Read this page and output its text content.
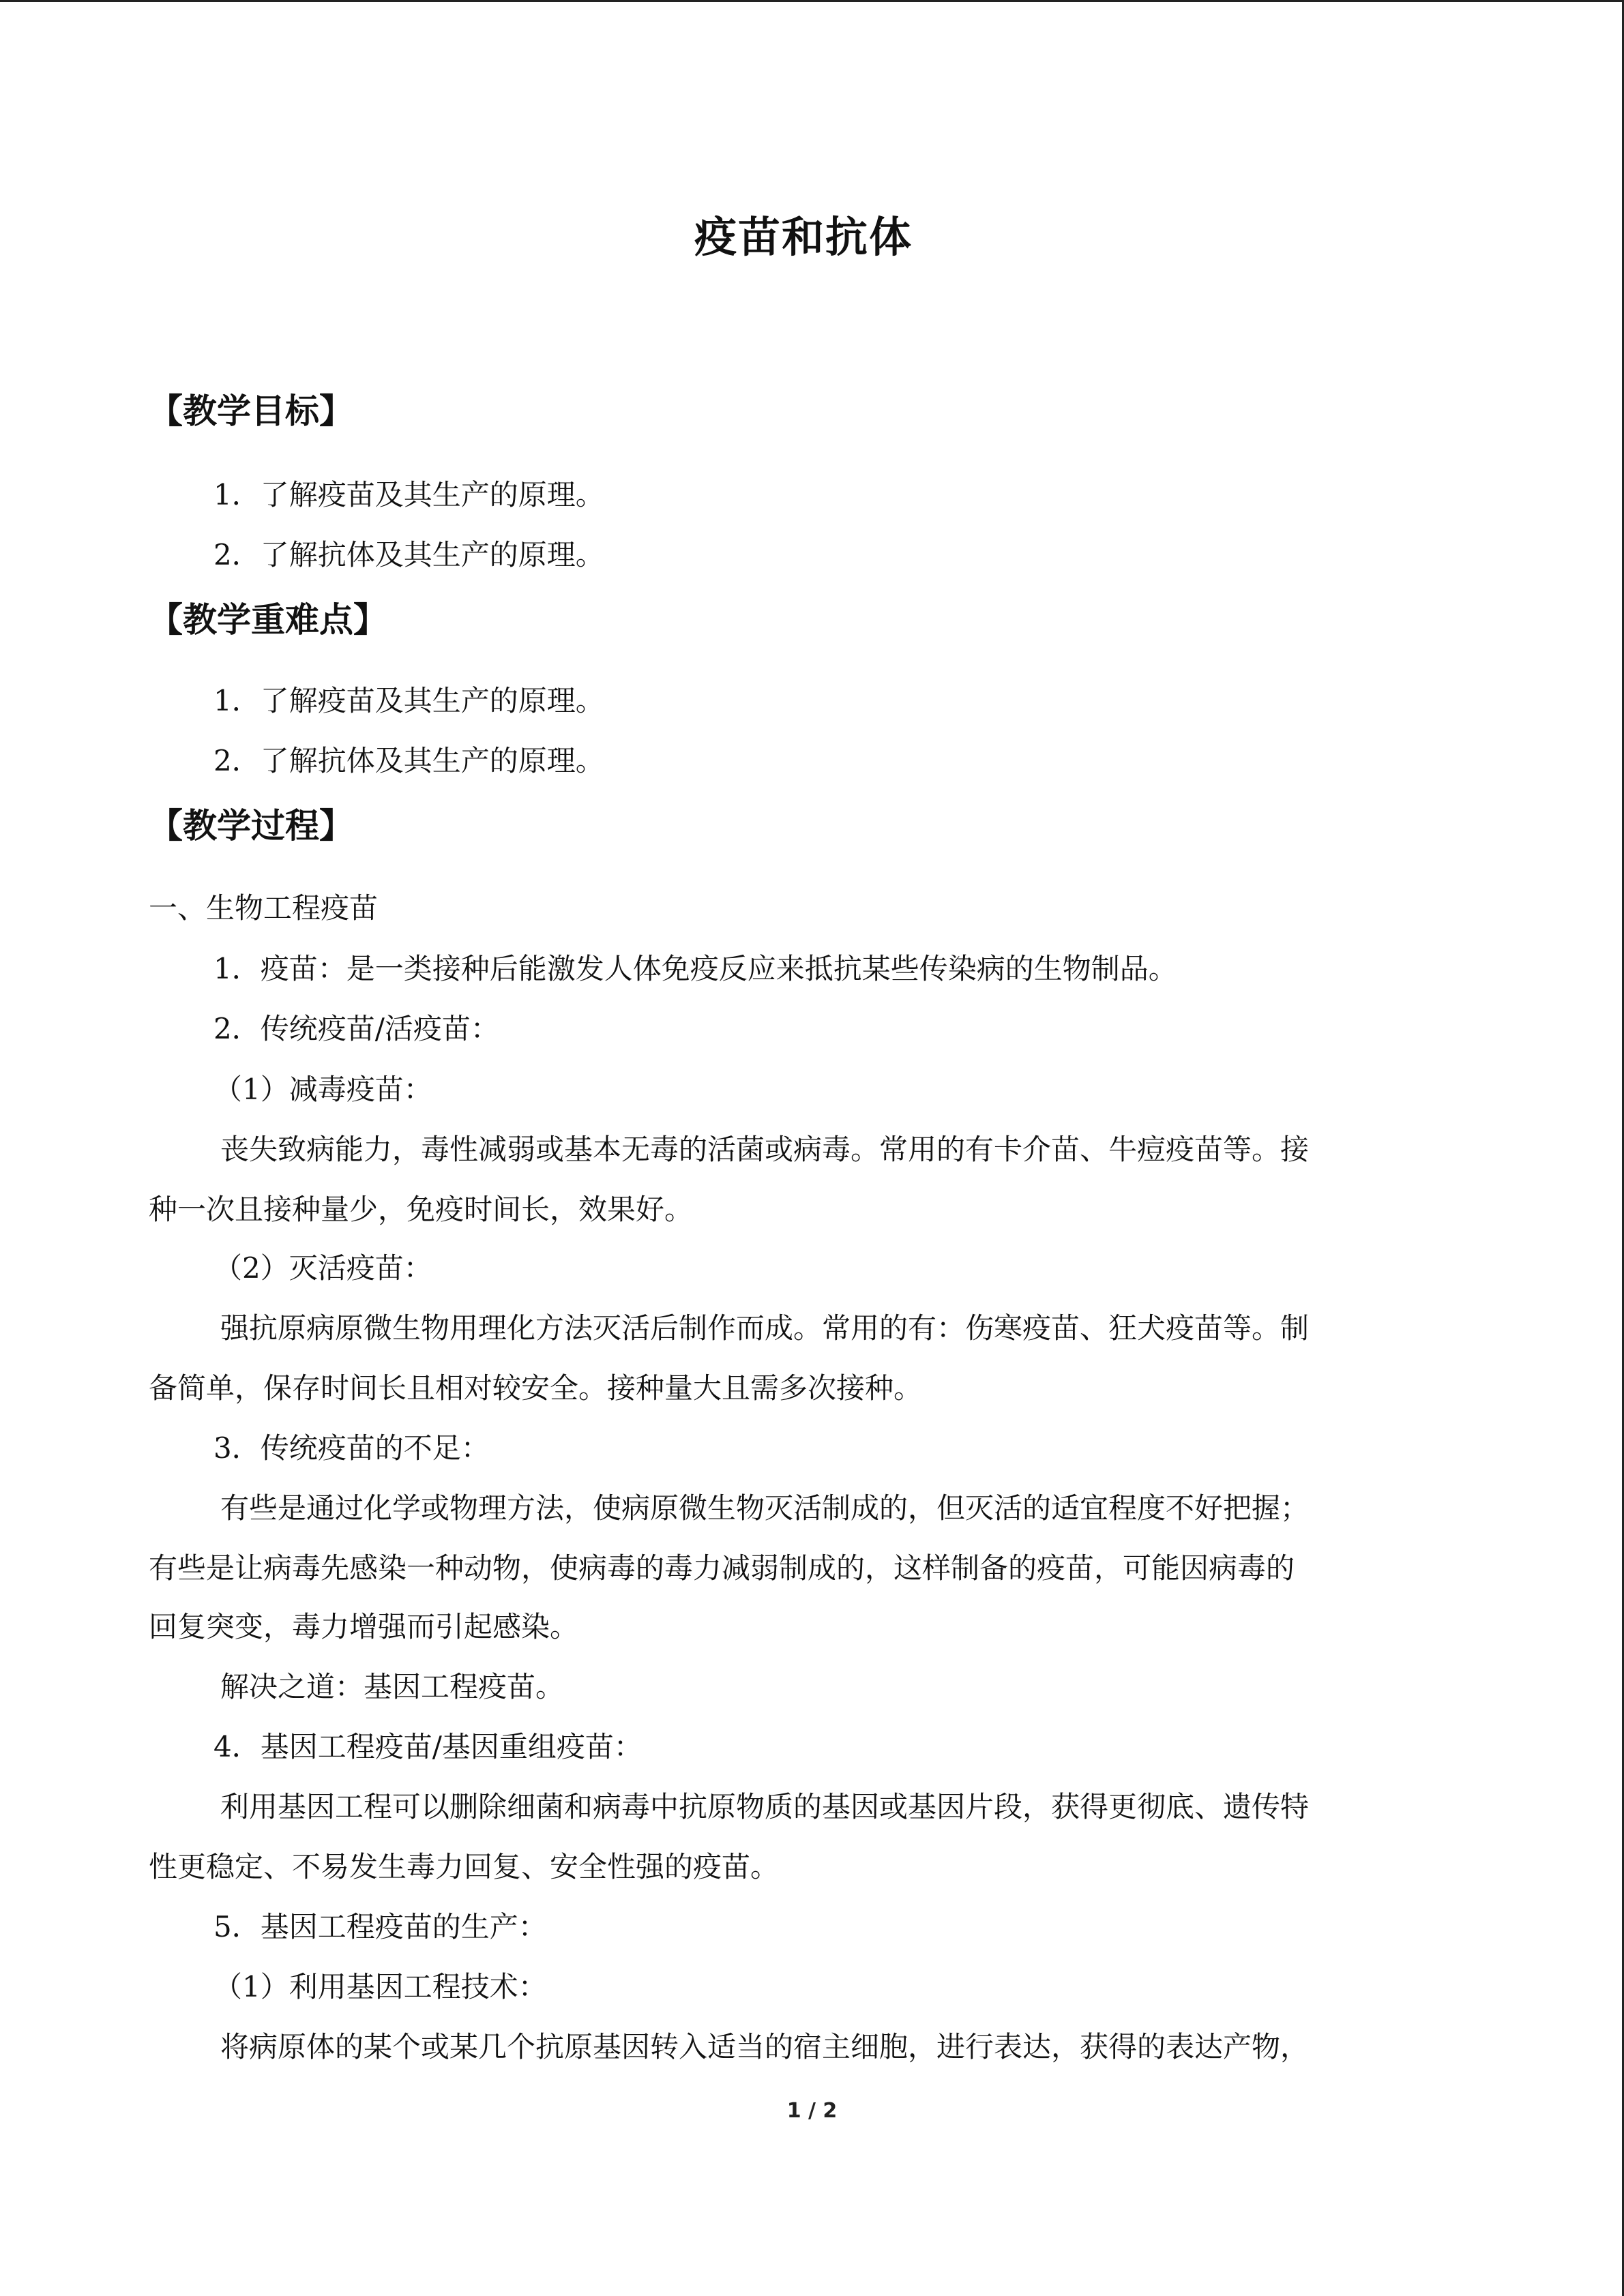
疫苗和抗体
【教学目标】
1．了解疫苗及其生产的原理。
2．了解抗体及其生产的原理。
【教学重难点】
1．了解疫苗及其生产的原理。
2．了解抗体及其生产的原理。
【教学过程】
一、生物工程疫苗
1．疫苗：是一类接种后能激发人体免疫反应来抵抗某些传染病的生物制品。
2．传统疫苗/活疫苗：
（1）减毒疫苗：
丧失致病能力，毒性减弱或基本无毒的活菌或病毒。常用的有卡介苗、牛痘疫苗等。接
种一次且接种量少，免疫时间长，效果好。
（2）灭活疫苗：
强抗原病原微生物用理化方法灭活后制作而成。常用的有：伤寒疫苗、狂犬疫苗等。制
备简单，保存时间长且相对较安全。接种量大且需多次接种。
3．传统疫苗的不足：
有些是通过化学或物理方法，使病原微生物灭活制成的，但灭活的适宜程度不好把握；
有些是让病毒先感染一种动物，使病毒的毒力减弱制成的，这样制备的疫苗，可能因病毒的
回复突变，毒力增强而引起感染。
解决之道：基因工程疫苗。
4．基因工程疫苗/基因重组疫苗：
利用基因工程可以删除细菌和病毒中抗原物质的基因或基因片段，获得更彻底、遗传特
性更稳定、不易发生毒力回复、安全性强的疫苗。
5．基因工程疫苗的生产：
（1）利用基因工程技术：
将病原体的某个或某几个抗原基因转入适当的宿主细胞，进行表达，获得的表达产物，
1 / 2
